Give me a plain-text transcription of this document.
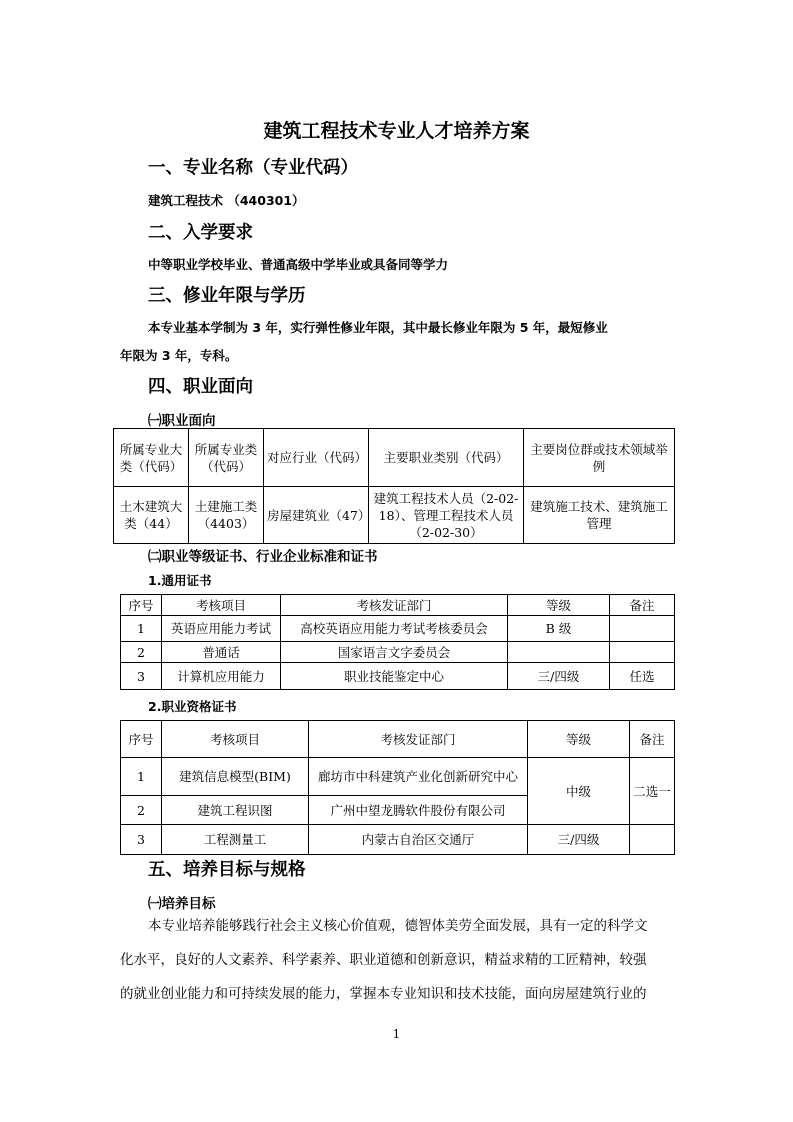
建筑工程技术专业人才培养方案
一、专业名称（专业代码）
建筑工程技术 （440301）
二、入学要求
中等职业学校毕业、普通高级中学毕业或具备同等学力
三、修业年限与学历
本专业基本学制为 3 年，实行弹性修业年限，其中最长修业年限为 5 年，最短修业
年限为 3 年，专科。
四、职业面向
㈠职业面向
所属专业大类（代码）	所属专业类（代码）	对应行业（代码）	主要职业类别（代码）	主要岗位群或技术领域举例
土木建筑大类（44）	土建施工类（4403）	房屋建筑业（47）	建筑工程技术人员（2-02-18）、管理工程技术人员（2-02-30）	建筑施工技术、建筑施工管理
㈡职业等级证书、行业企业标准和证书
1.通用证书
序号	考核项目	考核发证部门	等级	备注
1	英语应用能力考试	高校英语应用能力考试考核委员会	B 级	
2	普通话	国家语言文字委员会		
3	计算机应用能力	职业技能鉴定中心	三/四级	任选
2.职业资格证书
序号	考核项目	考核发证部门	等级	备注
1	建筑信息模型(BIM)	廊坊市中科建筑产业化创新研究中心	中级	二选一
2	建筑工程识图	广州中望龙腾软件股份有限公司		
3	工程测量工	内蒙古自治区交通厅	三/四级	
五、培养目标与规格
㈠培养目标
本专业培养能够践行社会主义核心价值观，德智体美劳全面发展，具有一定的科学文
化水平，良好的人文素养、科学素养、职业道德和创新意识，精益求精的工匠精神，较强
的就业创业能力和可持续发展的能力，掌握本专业知识和技术技能，面向房屋建筑行业的
1
